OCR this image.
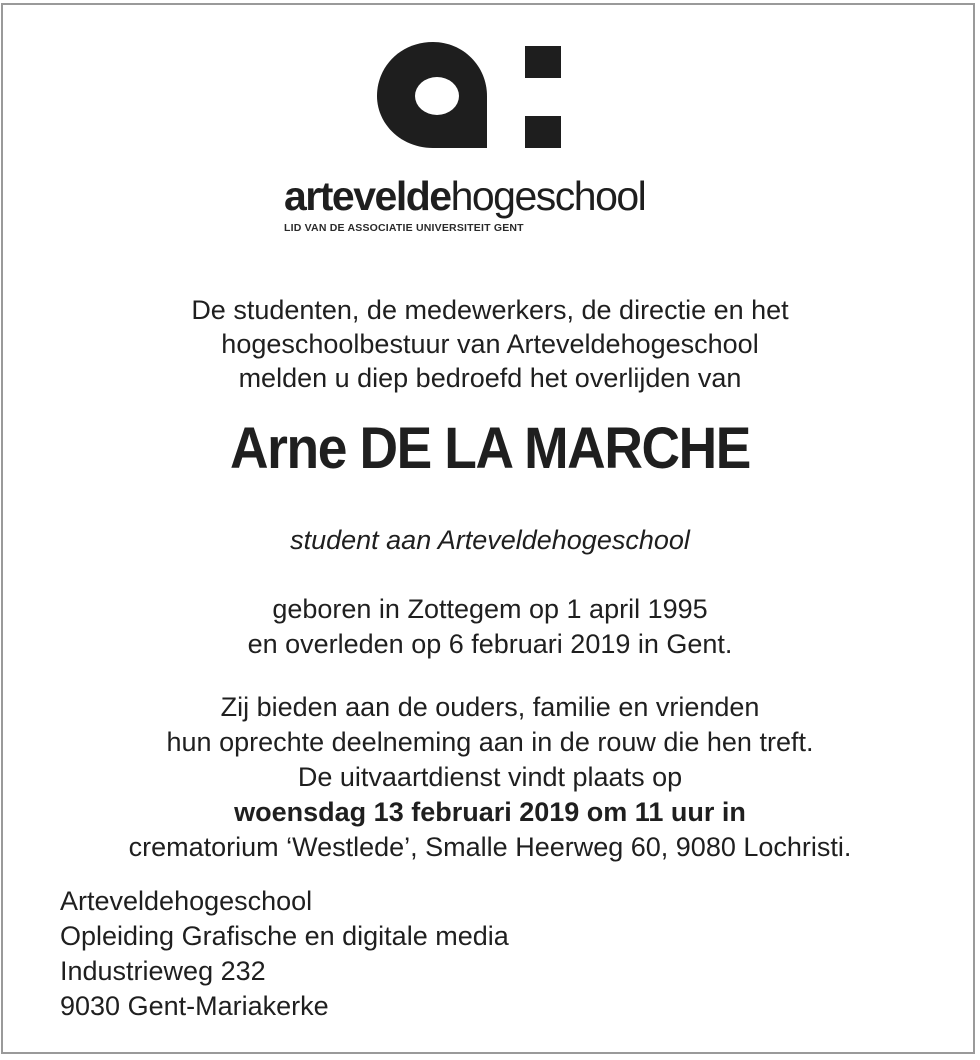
arteveldehogeschool
LID VAN DE ASSOCIATIE UNIVERSITEIT GENT
De studenten, de medewerkers, de directie en het
hogeschoolbestuur van Arteveldehogeschool
melden u diep bedroefd het overlijden van
Arne DE LA MARCHE
student aan Arteveldehogeschool
geboren in Zottegem op 1 april 1995
en overleden op 6 februari 2019 in Gent.
Zij bieden aan de ouders, familie en vrienden
hun oprechte deelneming aan in de rouw die hen treft.
De uitvaartdienst vindt plaats op
woensdag 13 februari 2019 om 11 uur in
crematorium ‘Westlede’, Smalle Heerweg 60, 9080 Lochristi.
Arteveldehogeschool
Opleiding Grafische en digitale media
Industrieweg 232
9030 Gent-Mariakerke
